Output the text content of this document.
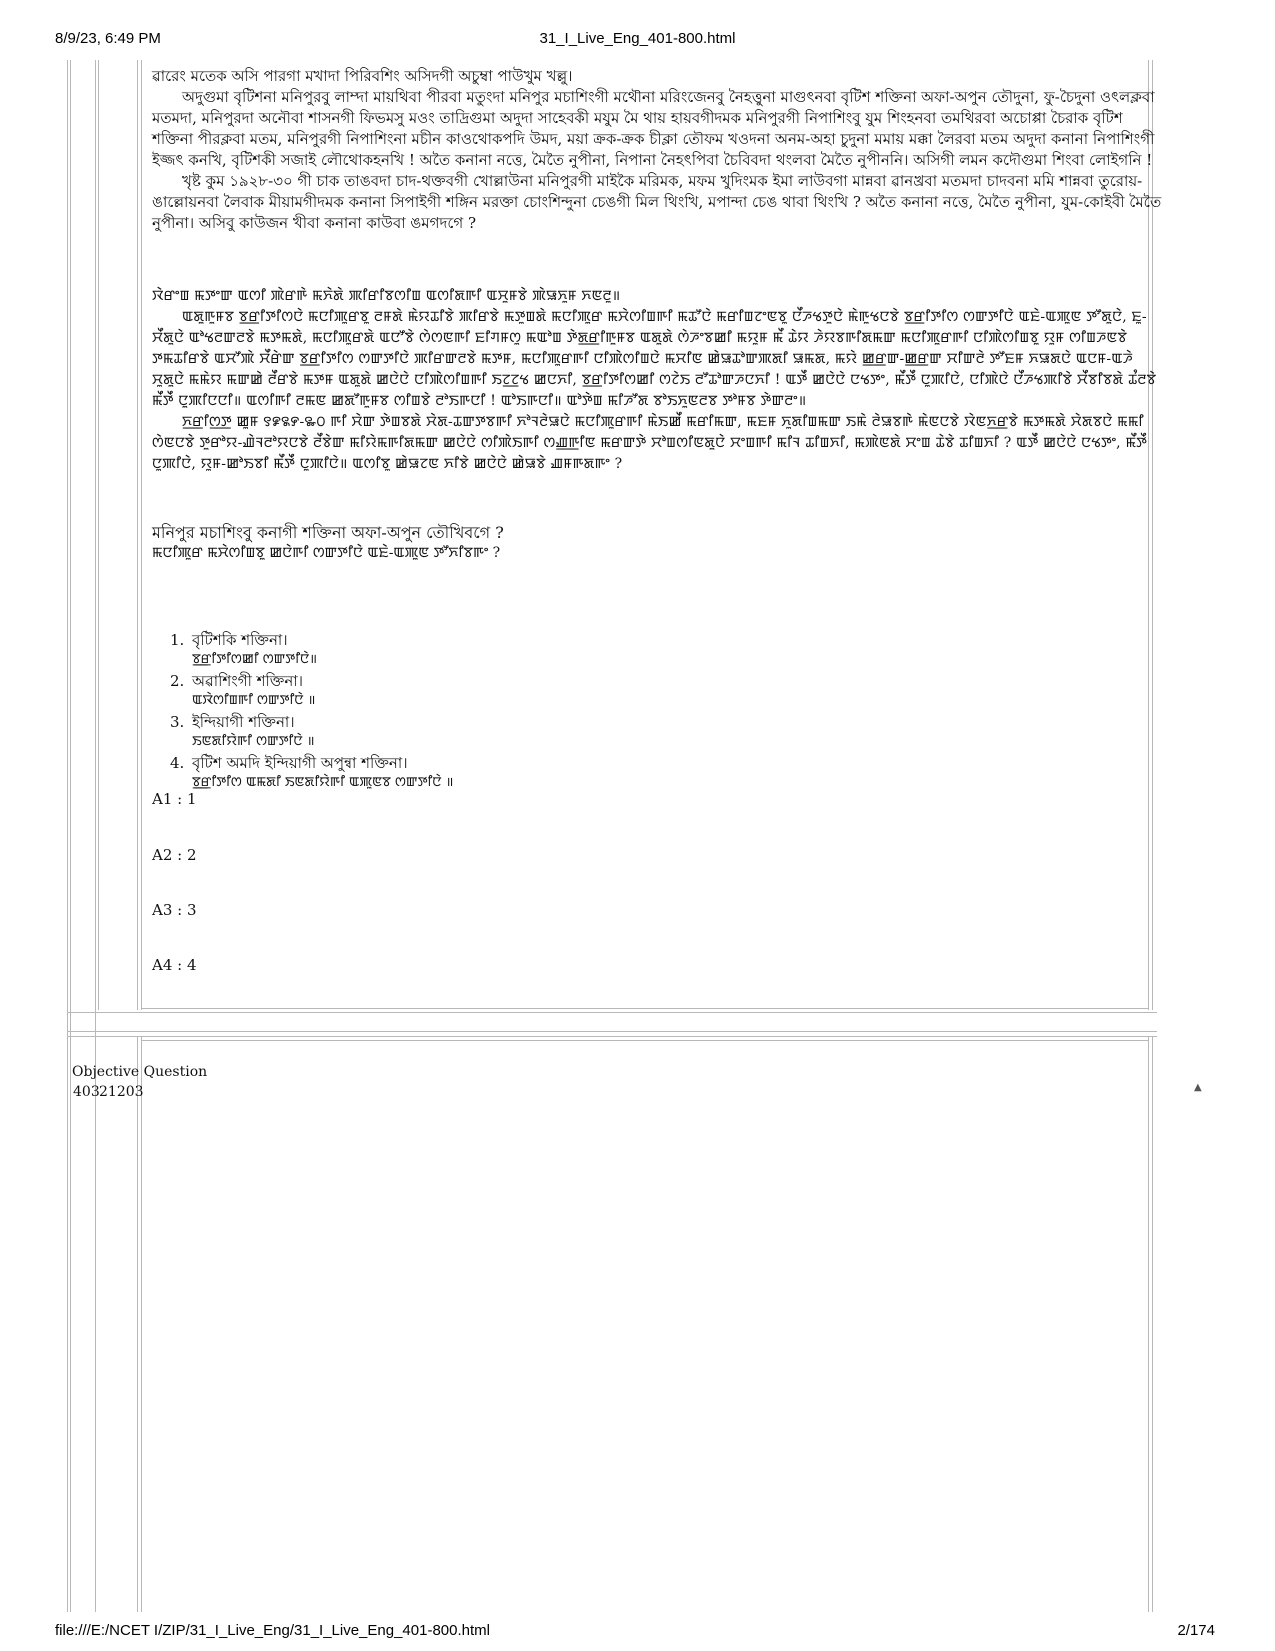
8/9/23, 6:49 PM	31_I_Live_Eng_401-800.html

ৱারেং মতেক অসি পারগা মখাদা পিরিবশিং অসিদগী অচুম্বা পাউখুম খল্লু।

অদুগুমা বৃটিশনা মনিপুরবু লাম্দা মায়থিবা পীরবা মতুংদা মনিপুর মচাশিংগী মথৌনা মরিংজেনবু নৈহত্তুনা মাগুৎনবা বৃটিশ শক্তিনা অফা-অপুন তৌদুনা, ফু-চৈদুনা ওৎলক্লবা মতমদা, মনিপুরদা অনৌবা শাসনগী ফিভমসু মওং তাদ্রিগুমা অদুদা সাহেবকী মযুম মৈ থায় হায়বগীদমক মনিপুরগী নিপাশিংবু যুম শিংহনবা তমথিরবা অচোপ্পা চৈরাক বৃটিশ শক্তিনা পীরক্লবা মতম, মনিপুরগী নিপাশিংনা মচীন কাওথোকপদি উমদ, ময়া ক্রক-ক্রক চীক্লা তৌফম খওদনা অনম-অহা চুদুনা মমায় মক্কা লৈরবা মতম অদুদা কনানা নিপাশিংগী ইজ্জৎ কনখি, বৃটিশকী সজাই লৌথোকহনখি ! অতৈ কনানা নত্তে, মৈতৈ নুপীনা, নিপানা নৈহৎপিবা চৈবিবদা থংলবা মৈতৈ নুপীননি। অসিগী লমন কদৌগুমা শিংবা লোইগনি !

খৃষ্ট কুম ১৯২৮-৩০ গী চাক তাঙবদা চাদ-থক্তবগী খোল্লাউনা মনিপুরগী মাইকৈ মরিমক, মফম খুদিংমক ইমা লাউবগা মান্নবা ৱানখ্রবা মতমদা চাদবনা মমি শান্নবা তুরোয়-ঙাল্লোয়নবা লৈবাক মীয়ামগীদমক কনানা সিপাইগী শঙ্গিন মরক্তা চোংশিন্দুনা চেঙগী মিল থিংখি, মপান্দা চেঙ থাবা থিংখি ? অতৈ কনানা নত্তে, মৈতৈ নুপীনা, যুম-কোইবী মৈতৈ নুপীনা। অসিবু কাউজন খীবা কনানা কাউবা ঙমগদগে ?

ꯋꯥꯔꯦꯡ ꯃꯇꯦꯛ ꯑꯁꯤ ꯄꯥꯔꯒꯥ ꯃꯈꯥꯗꯥ ꯄꯤꯔꯤꯕꯁꯤꯡ ꯑꯁꯤꯗꯒꯤ ꯑꯆꯨꯝꯕꯥ ꯄꯥꯎꯈꯨꯝ ꯈꯟꯂꯨ॥

ꯑꯗꯨꯒꯨꯝꯕ ꯕ꯭ꯔꯤꯇꯤꯁꯅꯥ ꯃꯅꯤꯄꯨꯔꯕꯨ ꯂꯝꯗꯥ ꯃꯥꯌꯊꯤꯕꯥ ꯄꯤꯔꯕꯥ ꯃꯇꯨꯡꯗꯥ ꯃꯅꯤꯄꯨꯔ ꯃꯆꯥꯁꯤꯡꯒꯤ ꯃꯊꯧꯅꯥ ꯃꯔꯤꯡꯖꯦꯟꯕꯨ ꯅꯩꯍꯠꯇꯨꯅꯥ ꯃꯥꯒꯨꯠꯅꯕꯥ ꯕ꯭ꯔꯤꯇꯤꯁ ꯁꯛꯇꯤꯅꯥ ꯑꯐꯥ-ꯑꯄꯨꯟ ꯇꯧꯗꯨꯅꯥ, ꯐꯨ-ꯆꯩꯗꯨꯅꯥ ꯑꯣꯠꯂꯛꯂꯕꯥ ꯃꯇꯃꯗꯥ, ꯃꯅꯤꯄꯨꯔꯗꯥ ꯑꯅꯧꯕꯥ ꯁꯥꯁꯟꯒꯤ ꯐꯤꯚꯝꯁꯨ ꯃꯑꯣꯡ ꯇꯥꯗ꯭ꯔꯤꯒꯨꯝꯕ ꯑꯗꯨꯗꯥ ꯁꯥꯍꯦꯕꯀꯤ ꯃꯌꯨꯝ ꯃꯩ ꯊꯥꯌ ꯍꯥꯌꯕꯒꯤꯗꯃꯛ ꯃꯅꯤꯄꯨꯔꯒꯤ ꯅꯤꯄꯥꯁꯤꯡꯕꯨ ꯌꯨꯝ ꯁꯤꯡꯍꯟꯕꯥ ꯇꯃꯊꯤꯔꯕꯥ ꯑꯆꯧꯄꯥ ꯆꯩꯔꯥꯛ ꯕ꯭ꯔꯤꯇꯤꯁ ꯁꯛꯇꯤꯅꯥ ꯄꯤꯔꯛꯂꯕꯥ ꯃꯇꯝ, ꯃꯅꯤꯄꯨꯔꯒꯤ ꯅꯤꯄꯥꯁꯤꯡꯅꯥ ꯃꯆꯤꯟ ꯀꯥꯎꯊꯣꯛꯄꯗꯤ ꯎꯃꯗ, ꯃꯌꯥ ꯀ꯭ꯔꯛ-ꯀ꯭ꯔꯛ ꯆꯤꯛꯂꯥ ꯇꯧꯐꯝ ꯈꯎꯗꯅꯥ ꯑꯅꯝ-ꯑꯍꯥ ꯆꯨꯗꯨꯅꯥ ꯃꯃꯥꯌ ꯃꯛꯀꯥ ꯂꯩꯔꯕꯥ ꯃꯇꯝ ꯑꯗꯨꯗꯥ ꯀꯅꯥꯅꯥ ꯅꯤꯄꯥꯁꯤꯡꯒꯤ ꯏꯖ꯭ꯖꯠ ꯀꯅꯈꯤ, ꯕ꯭ꯔꯤꯇꯤꯁꯀꯤ ꯁꯖꯥꯏ ꯂꯧꯊꯣꯛꯍꯅꯈꯤ ! ꯑꯇꯩ ꯀꯅꯥꯅꯥ ꯅꯠꯇꯦ, ꯃꯩꯇꯩ ꯅꯨꯄꯤꯅꯥ, ꯅꯤꯄꯥꯅꯥ ꯅꯩꯍꯠꯄꯤꯕꯥ ꯆꯩꯕꯤꯕꯗꯥ ꯊꯪꯂꯕꯥ ꯃꯩꯇꯩ ꯅꯨꯄꯤꯅꯅꯤ॥ ꯑꯁꯤꯒꯤ ꯂꯃꯟ ꯀꯗꯧꯒꯨꯝꯕ ꯁꯤꯡꯕꯥ ꯂꯣꯏꯒꯅꯤ ! ꯑꯣꯏꯒꯅꯤ॥ ꯑꯣꯇꯥꯡ ꯃꯤꯍꯧꯗ ꯕꯣꯏꯈꯨꯟꯂꯕ ꯇꯣꯝꯕ ꯇꯥꯛꯂꯦ॥

ꯈ꯭ꯔꯤꯁ꯭ꯇ ꯀꯨꯝ ꯱꯹꯲꯸-꯳꯰ ꯒꯤ ꯆꯥꯛ ꯇꯥꯡꯕꯗꯥ ꯆꯥꯗ-ꯊꯛꯇꯕꯒꯤ ꯈꯣꯜꯂꯥꯎꯅꯥ ꯃꯅꯤꯄꯨꯔꯒꯤ ꯃꯥꯏꯀꯩ ꯃꯔꯤꯃꯛ, ꯃꯐꯝ ꯈꯨꯗꯤꯡꯃꯛ ꯏꯃꯥ ꯂꯥꯎꯕꯒꯥ ꯃꯥꯟꯅꯕꯥ ꯋꯥꯟꯈ꯭ꯔꯕꯥ ꯃꯇꯃꯗꯥ ꯆꯥꯗꯕꯅꯥ ꯃꯃꯤ ꯁꯥꯟꯅꯕꯥ ꯇꯨꯔꯣꯌ-ꯉꯥꯜꯂꯣꯌꯅꯕꯥ ꯂꯩꯕꯥꯛ ꯃꯤꯌꯥꯃꯒꯤꯗꯃꯛ ꯀꯅꯥꯅꯥ ꯁꯤꯄꯥꯏꯒꯤ ꯁꯉ꯭ꯒꯤꯟ ꯃꯔꯛꯇꯥ ꯆꯣꯡꯁꯤꯟꯗꯨꯅꯥ ꯆꯦꯡꯒꯤ ꯃꯤꯜ ꯊꯤꯡꯈꯤ, ꯃꯄꯥꯟꯗꯥ ꯆꯦꯡ ꯊꯥꯕꯥ ꯊꯤꯡꯈꯤ ? ꯑꯇꯩ ꯀꯅꯥꯅꯥ ꯅꯠꯇꯦ, ꯃꯩꯇꯩ ꯅꯨꯄꯤꯅꯥ, ꯌꯨꯝ-ꯀꯣꯏꯕꯤ ꯃꯩꯇꯩ ꯅꯨꯄꯤꯅꯥ॥ ꯑꯁꯤꯕꯨ ꯀꯥꯎꯖꯟ ꯈꯤꯕꯥ ꯀꯅꯥꯅꯥ ꯀꯥꯎꯕꯥ ꯉꯝꯒꯗꯒꯦ ?

মনিপুর মচাশিংবু কনাগী শক্তিনা অফা-অপুন তৌখিবগে ?

ꯃꯅꯤꯄꯨꯔ ꯃꯆꯥꯁꯤꯡꯕꯨ ꯀꯅꯥꯒꯤ ꯁꯛꯇꯤꯅꯥ ꯑꯐꯥ-ꯑꯄꯨꯟ ꯇꯧꯈꯤꯕꯒꯦ ?

1. বৃটিশকি শক্তিনা।
ꯕ꯭ꯔꯤꯇꯤꯁꯀꯤ ꯁꯛꯇꯤꯅꯥ॥
2. অৱাশিংগী শক্তিনা।
ꯑꯋꯥꯁꯤꯡꯒꯤ ꯁꯛꯇꯤꯅꯥ ॥
3. ইন্দিয়াগী শক্তিনা।
ꯏꯟꯗꯤꯌꯥꯒꯤ ꯁꯛꯇꯤꯅꯥ ॥
4. বৃটিশ অমদি ইন্দিয়াগী অপুন্বা শক্তিনা।
ꯕ꯭ꯔꯤꯇꯤꯁ ꯑꯃꯗꯤ ꯏꯟꯗꯤꯌꯥꯒꯤ ꯑꯄꯨꯟꯕ ꯁꯛꯇꯤꯅꯥ ॥
A1 : 1
A2 : 2
A3 : 3
A4 : 4
Objective Question
403 21203	▲
file:///E:/NCET I/ZIP/31_I_Live_Eng/31_I_Live_Eng_401-800.html	2/174
